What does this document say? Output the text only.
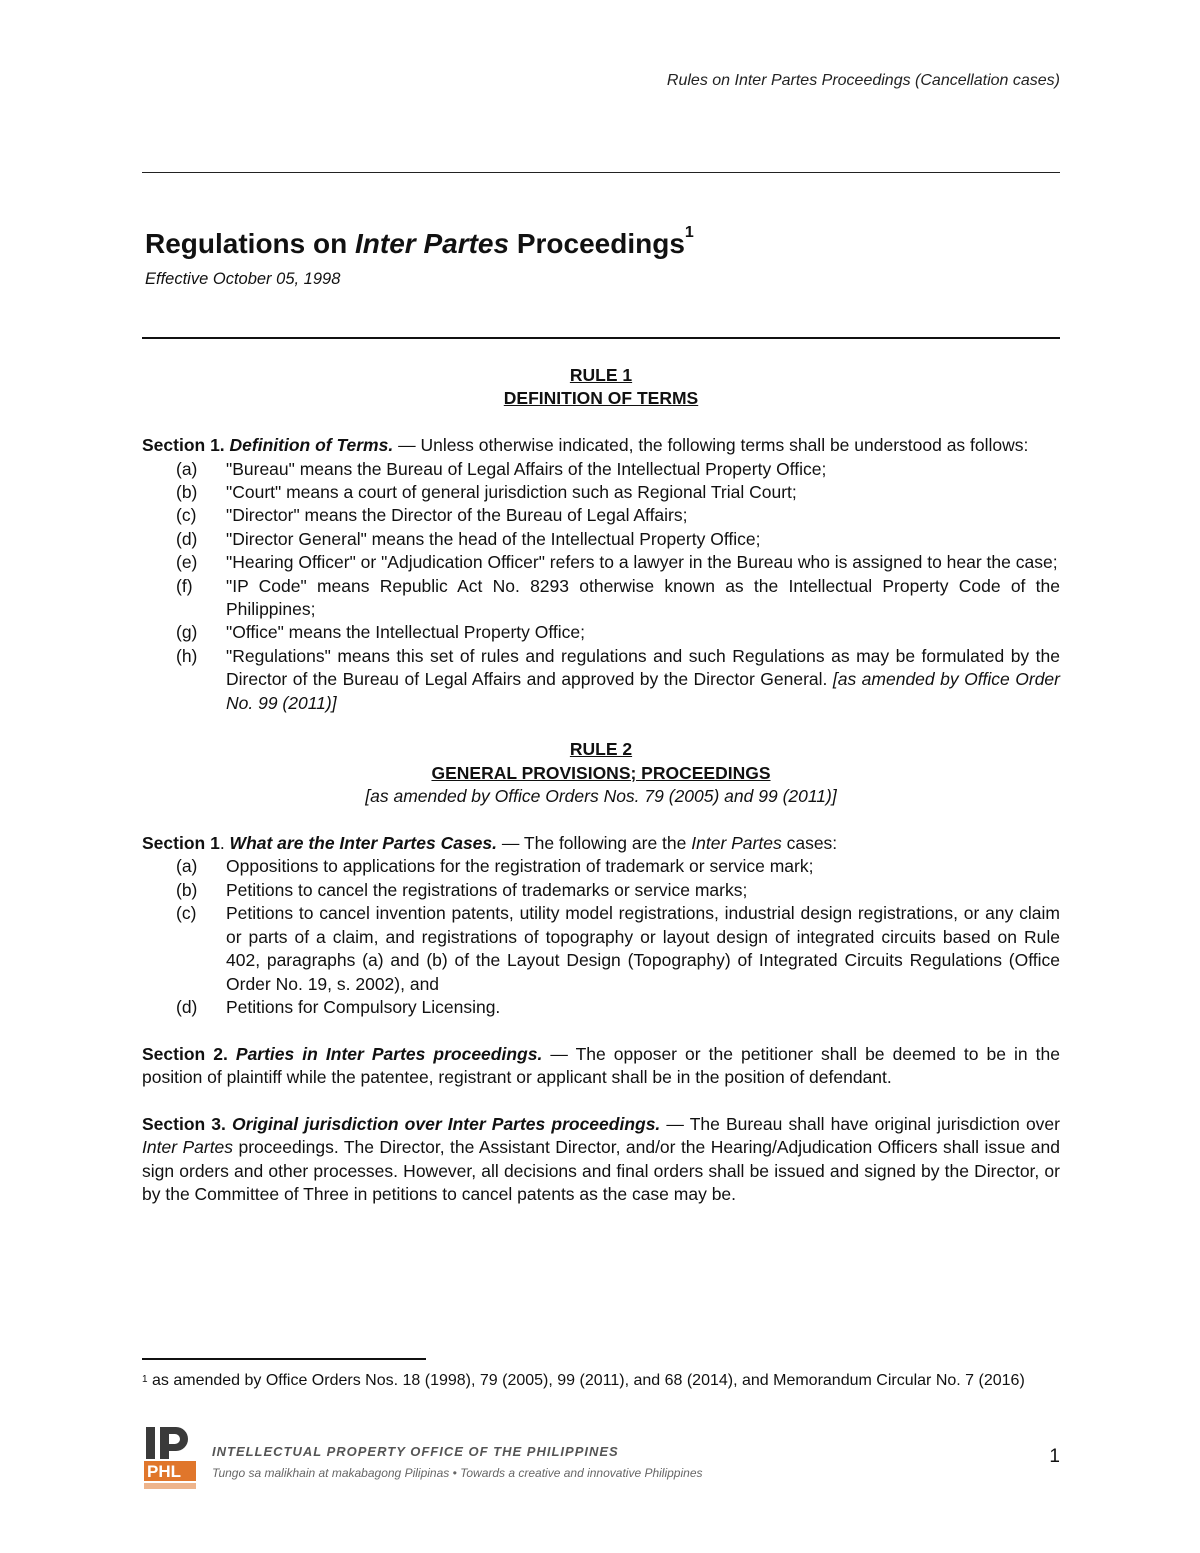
Rules on Inter Partes Proceedings (Cancellation cases)
Regulations on Inter Partes Proceedings$^1$
Effective October 05, 1998
RULE 1
DEFINITION OF TERMS
Section 1. Definition of Terms. — Unless otherwise indicated, the following terms shall be understood as follows:
(a)	"Bureau" means the Bureau of Legal Affairs of the Intellectual Property Office;
(b)	"Court" means a court of general jurisdiction such as Regional Trial Court;
(c)	"Director" means the Director of the Bureau of Legal Affairs;
(d)	"Director General" means the head of the Intellectual Property Office;
(e)	"Hearing Officer" or "Adjudication Officer" refers to a lawyer in the Bureau who is assigned to hear the case;
(f)	"IP Code" means Republic Act No. 8293 otherwise known as the Intellectual Property Code of the Philippines;
(g)	"Office" means the Intellectual Property Office;
(h)	"Regulations" means this set of rules and regulations and such Regulations as may be formulated by the Director of the Bureau of Legal Affairs and approved by the Director General. [as amended by Office Order No. 99 (2011)]
RULE 2
GENERAL PROVISIONS; PROCEEDINGS
[as amended by Office Orders Nos. 79 (2005) and 99 (2011)]
Section 1. What are the Inter Partes Cases. — The following are the Inter Partes cases:
(a)	Oppositions to applications for the registration of trademark or service mark;
(b)	Petitions to cancel the registrations of trademarks or service marks;
(c)	Petitions to cancel invention patents, utility model registrations, industrial design registrations, or any claim or parts of a claim, and registrations of topography or layout design of integrated circuits based on Rule 402, paragraphs (a) and (b) of the Layout Design (Topography) of Integrated Circuits Regulations (Office Order No. 19, s. 2002), and
(d)	Petitions for Compulsory Licensing.
Section 2. Parties in Inter Partes proceedings. — The opposer or the petitioner shall be deemed to be in the position of plaintiff while the patentee, registrant or applicant shall be in the position of defendant.
Section 3. Original jurisdiction over Inter Partes proceedings. — The Bureau shall have original jurisdiction over Inter Partes proceedings. The Director, the Assistant Director, and/or the Hearing/Adjudication Officers shall issue and sign orders and other processes. However, all decisions and final orders shall be issued and signed by the Director, or by the Committee of Three in petitions to cancel patents as the case may be.
$^1$ as amended by Office Orders Nos. 18 (1998), 79 (2005), 99 (2011), and 68 (2014), and Memorandum Circular No. 7 (2016)
PHL
INTELLECTUAL PROPERTY OFFICE OF THE PHILIPPINES
Tungo sa malikhain at makabagong Pilipinas • Towards a creative and innovative Philippines
1
